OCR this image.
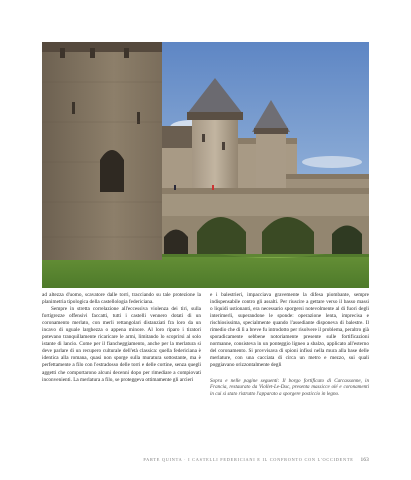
ad altezza d'uomo, scavatore dalle torri, tracciando su tale protezione la planimetria tipologica della castellologia federiciana.

Sempre in stretta correlazione all'eccessiva violenza dei tiri, sulla fortigrezze offensivi faccatti, tutti i castelli vennero dotati di un coronamento merlato, con merli rettangolari distanziati fra loro da un incavo di uguale larghezza o appena minore. Al loro riparo i tiratori potevano tranquillamente ricaricare le armi, limitando lo scoprirsi al solo istante di lancio. Come per il fiancheggiamento, anche per la merlatura si deve parlare di un recupero culturale dell'età classica: quella federiciana è identica alla romana, quasi non sporge sulla muratura sottostante, ma è perfettamente a filo con l'estradosso delle torri e delle cortine, senza quegli aggetti che comportarono alcuni decenni dopo per rimediare a compiovati inconvenienti. La merlatura a filo, se proteggeva ottimamente gli arcieri

e i balestrieri, impacciava gravemente la difesa piombante, sempre indispensabile contro gli assalti. Per riuscire a gettare verso il basso massi o liquidi ustionanti, era necessario sporgersi notevolmente al di fuori degli interimerli, superandone le sponde: operazione lenta, imprecisa e rischiosissima, specialmente quando l'assediante disponeva di balestre. Il rimedio che di lì a breve fu introdotto per risolvere il problema, peraltro già sporadicamente sebbene notoriamente presente sulle fortificazioni normanne, consisteva in un ponteggio ligneo a sbalzo, applicato all'esterno del coronamento. Si provvisava di spioni infissi nella mura alla base delle merlature, con una cacciata di circa un metro e mezzo, sui quali poggiavano orizzontalmente degli

Sopra e nelle pagine seguenti: Il borgo fortificato di Carcassonne, in Francia, restaurato da Viollet-Le-Duc, presenta massicce olé e coronamenti in cui si stato ristrutto l'apparato a sporgere posticcio in legno.

PARTE QUINTA · I CASTELLI FEDERICIANI E IL CONFRONTO CON L'OCCIDENTE 163
